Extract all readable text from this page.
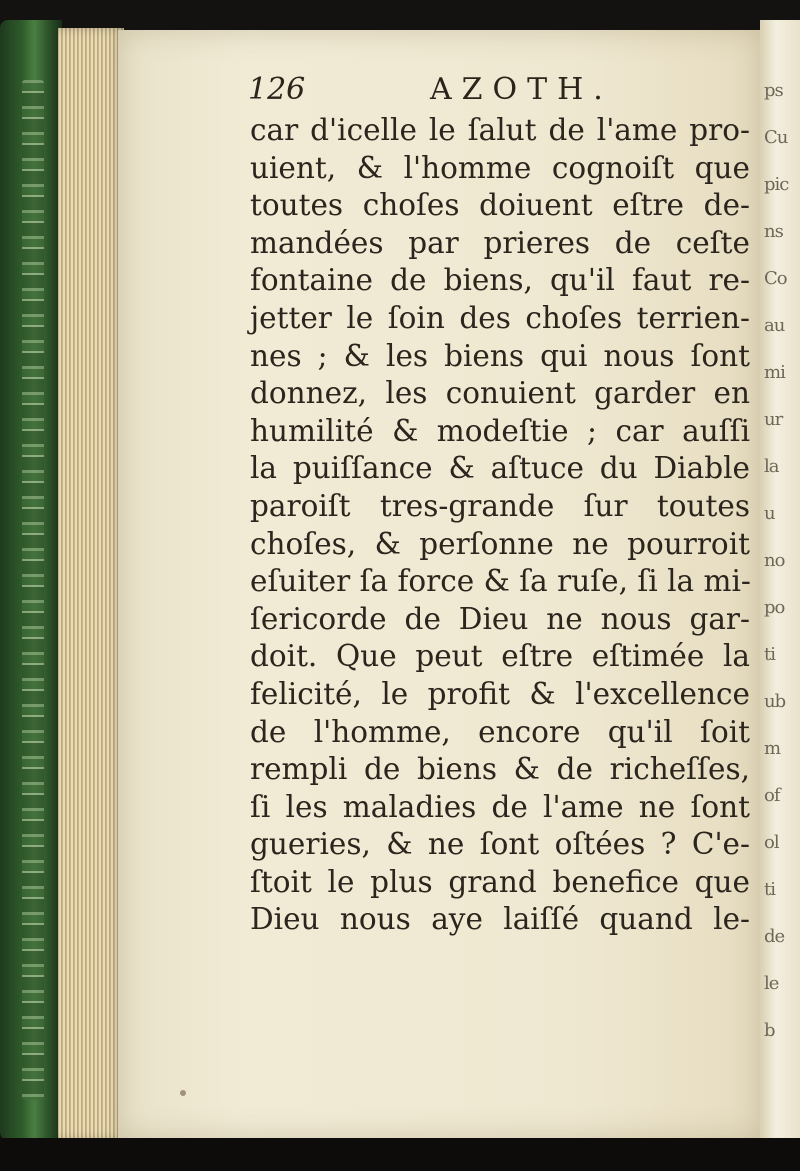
ps
Cu
pic
ns
Co
au
mi
ur
la
u
no
po
ti
ub
m
of
ol
ti
de
le
b
126	AZOTH.
car d'icelle le ſalut de l'ame pro-
uient, & l'homme cognoiſt que
toutes choſes doiuent eſtre de-
mandées par prieres de ceſte
fontaine de biens, qu'il faut re-
jetter le ſoin des choſes terrien-
nes ; & les biens qui nous ſont
donnez, les conuient garder en
humilité & modeſtie ; car auſſi
la puiſſance & aſtuce du Diable
paroiſt tres-grande ſur toutes
choſes, & perſonne ne pourroit
eſuiter ſa force & ſa ruſe, ſi la mi-
ſericorde de Dieu ne nous gar-
doit. Que peut eſtre eſtimée la
felicité, le profit & l'excellence
de l'homme, encore qu'il ſoit
rempli de biens & de richeſſes,
ſi les maladies de l'ame ne ſont
gueries, & ne ſont oſtées ? C'e-
ſtoit le plus grand benefice que
Dieu nous aye laiſſé quand le-
